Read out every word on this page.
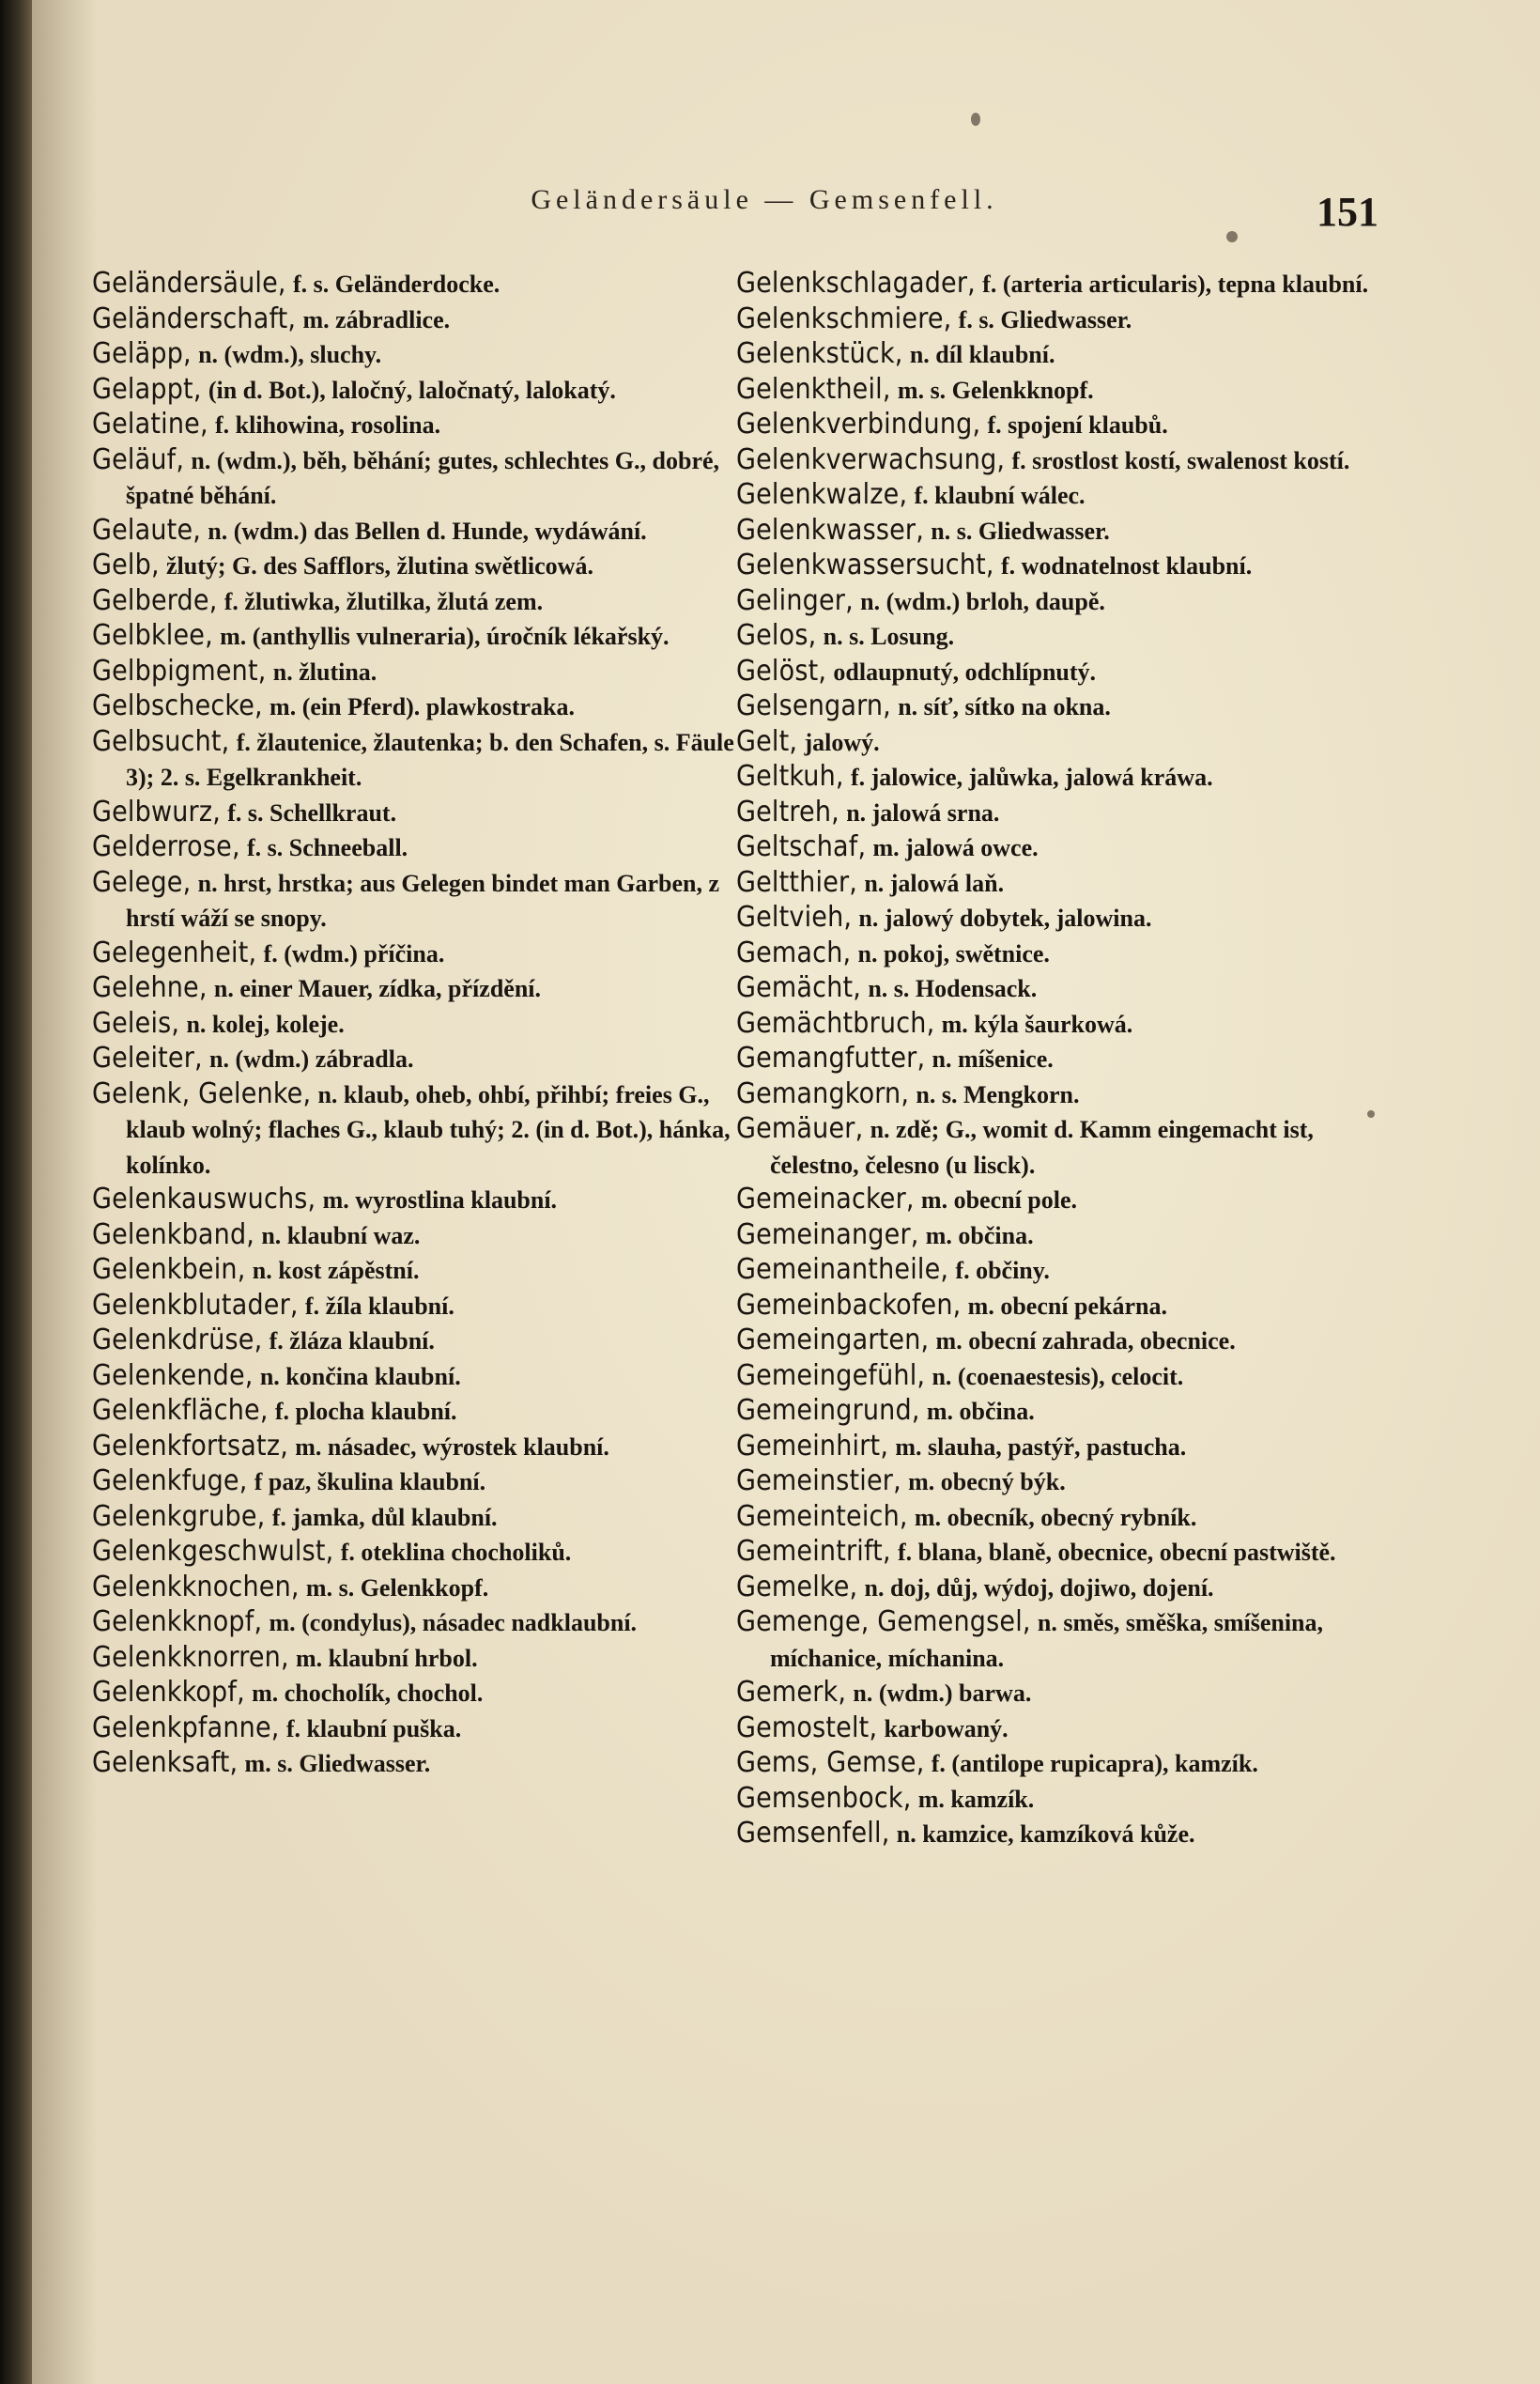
Geländersäule — Gemsenfell.	151

Geländersäule, f. s. Geländerdocke.

Geländerschaft, m. zábradlice.

Geläpp, n. (wdm.), sluchy.

Gelappt, (in d. Bot.), laločný, laločnatý, lalokatý.

Gelatine, f. klihowina, rosolina.

Geläuf, n. (wdm.), běh, běhání; gutes, schlechtes G., dobré, špatné běhání.

Gelaute, n. (wdm.) das Bellen d. Hunde, wydáwání.

Gelb, žlutý; G. des Safflors, žlutina swětlicowá.

Gelberde, f. žlutiwka, žlutilka, žlutá zem.

Gelbklee, m. (anthyllis vulneraria), úročník lékařský.

Gelbpigment, n. žlutina.

Gelbschecke, m. (ein Pferd). plawkostraka.

Gelbsucht, f. žlautenice, žlautenka; b. den Schafen, s. Fäule 3); 2. s. Egelkrankheit.

Gelbwurz, f. s. Schellkraut.

Gelderrose, f. s. Schneeball.

Gelege, n. hrst, hrstka; aus Gelegen bindet man Garben, z hrstí wáží se snopy.

Gelegenheit, f. (wdm.) příčina.

Gelehne, n. einer Mauer, zídka, přízdění.

Geleis, n. kolej, koleje.

Geleiter, n. (wdm.) zábradla.

Gelenk, Gelenke, n. klaub, oheb, ohbí, přihbí; freies G., klaub wolný; flaches G., klaub tuhý; 2. (in d. Bot.), hánka, kolínko.

Gelenkauswuchs, m. wyrostlina klaubní.

Gelenkband, n. klaubní waz.

Gelenkbein, n. kost zápěstní.

Gelenkblutader, f. žíla klaubní.

Gelenkdrüse, f. žláza klaubní.

Gelenkende, n. končina klaubní.

Gelenkfläche, f. plocha klaubní.

Gelenkfortsatz, m. násadec, wýrostek klaubní.

Gelenkfuge, f paz, škulina klaubní.

Gelenkgrube, f. jamka, důl klaubní.

Gelenkgeschwulst, f. oteklina chocholiků.

Gelenkknochen, m. s. Gelenkkopf.

Gelenkknopf, m. (condylus), násadec nadklaubní.

Gelenkknorren, m. klaubní hrbol.

Gelenkkopf, m. chocholík, chochol.

Gelenkpfanne, f. klaubní puška.

Gelenksaft, m. s. Gliedwasser.

Gelenkschlagader, f. (arteria articularis), tepna klaubní.

Gelenkschmiere, f. s. Gliedwasser.

Gelenkstück, n. díl klaubní.

Gelenktheil, m. s. Gelenkknopf.

Gelenkverbindung, f. spojení klaubů.

Gelenkverwachsung, f. srostlost kostí, swalenost kostí.

Gelenkwalze, f. klaubní wálec.

Gelenkwasser, n. s. Gliedwasser.

Gelenkwassersucht, f. wodnatelnost klaubní.

Gelinger, n. (wdm.) brloh, daupě.

Gelos, n. s. Losung.

Gelöst, odlaupnutý, odchlípnutý.

Gelsengarn, n. síť, sítko na okna.

Gelt, jalowý.

Geltkuh, f. jalowice, jalůwka, jalowá kráwa.

Geltreh, n. jalowá srna.

Geltschaf, m. jalowá owce.

Geltthier, n. jalowá laň.

Geltvieh, n. jalowý dobytek, jalowina.

Gemach, n. pokoj, swětnice.

Gemächt, n. s. Hodensack.

Gemächtbruch, m. kýla šaurkowá.

Gemangfutter, n. míšenice.

Gemangkorn, n. s. Mengkorn.

Gemäuer, n. zdě; G., womit d. Kamm eingemacht ist, čelestno, čelesno (u lisck).

Gemeinacker, m. obecní pole.

Gemeinanger, m. občina.

Gemeinantheile, f. občiny.

Gemeinbackofen, m. obecní pekárna.

Gemeingarten, m. obecní zahrada, obecnice.

Gemeingefühl, n. (coenaestesis), celocit.

Gemeingrund, m. občina.

Gemeinhirt, m. slauha, pastýř, pastucha.

Gemeinstier, m. obecný býk.

Gemeinteich, m. obecník, obecný rybník.

Gemeintrift, f. blana, blaně, obecnice, obecní pastwiště.

Gemelke, n. doj, důj, wýdoj, dojiwo, dojení.

Gemenge, Gemengsel, n. směs, směška, smíšenina, míchanice, míchanina.

Gemerk, n. (wdm.) barwa.

Gemostelt, karbowaný.

Gems, Gemse, f. (antilope rupicapra), kamzík.

Gemsenbock, m. kamzík.

Gemsenfell, n. kamzice, kamzíková kůže.
